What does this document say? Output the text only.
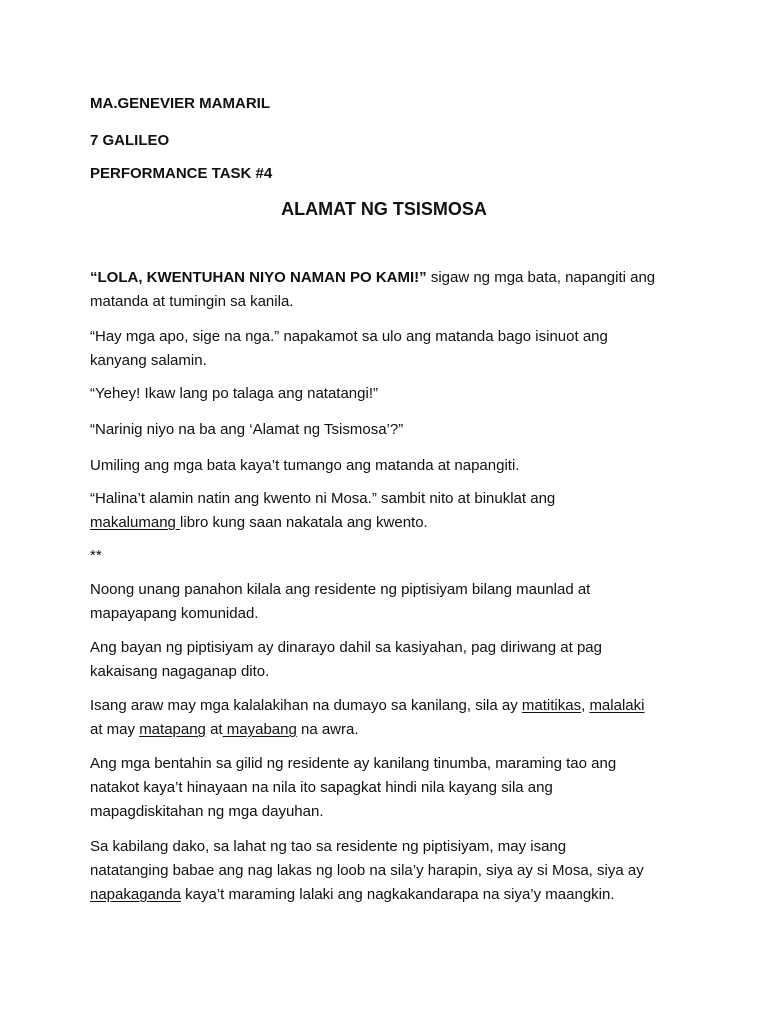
MA.GENEVIER MAMARIL
7 GALILEO
PERFORMANCE TASK #4
ALAMAT NG TSISMOSA

“LOLA, KWENTUHAN NIYO NAMAN PO KAMI!” sigaw ng mga bata, napangiti ang
matanda at tumingin sa kanila.

“Hay mga apo, sige na nga.” napakamot sa ulo ang matanda bago isinuot ang
kanyang salamin.

“Yehey! Ikaw lang po talaga ang natatangi!”

“Narinig niyo na ba ang ‘Alamat ng Tsismosa’?”

Umiling ang mga bata kaya’t tumango ang matanda at napangiti.

“Halina’t alamin natin ang kwento ni Mosa.” sambit nito at binuklat ang
makalumang libro kung saan nakatala ang kwento.

**

Noong unang panahon kilala ang residente ng piptisiyam bilang maunlad at
mapayapang komunidad.

Ang bayan ng piptisiyam ay dinarayo dahil sa kasiyahan, pag diriwang at pag
kakaisang nagaganap dito.

Isang araw may mga kalalakihan na dumayo sa kanilang, sila ay matitikas, malalaki
at may matapang at mayabang na awra.

Ang mga bentahin sa gilid ng residente ay kanilang tinumba, maraming tao ang
natakot kaya’t hinayaan na nila ito sapagkat hindi nila kayang sila ang
mapagdiskitahan ng mga dayuhan.

Sa kabilang dako, sa lahat ng tao sa residente ng piptisiyam, may isang
natatanging babae ang nag lakas ng loob na sila’y harapin, siya ay si Mosa, siya ay
napakaganda kaya’t maraming lalaki ang nagkakandarapa na siya’y maangkin.
